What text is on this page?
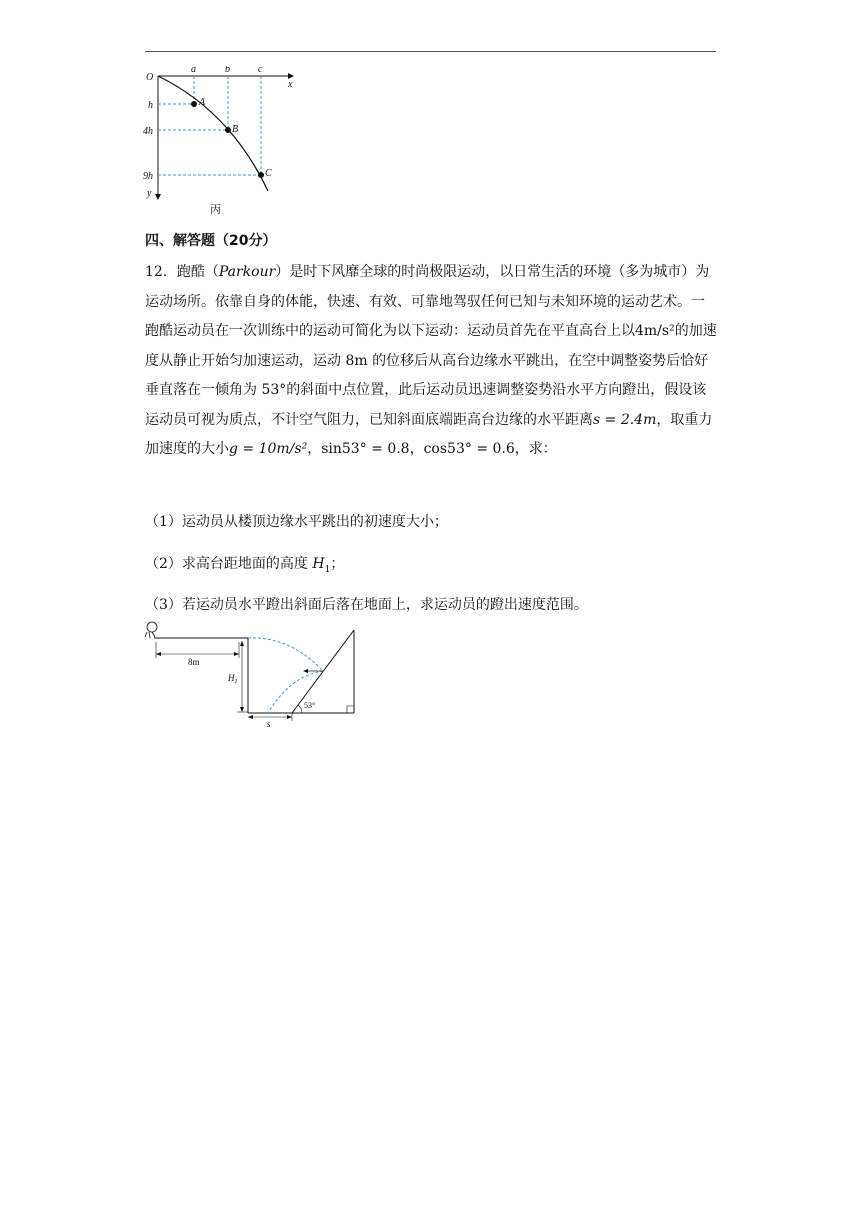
O
x
y
a	b	c
h
4h
9h
A
B
C
丙
四、解答题（20分）

12．跑酷（Parkour）是时下风靡全球的时尚极限运动，以日常生活的环境（多为城市）为运动场所。依靠自身的体能，快速、有效、可靠地驾驭任何已知与未知环境的运动艺术。一跑酷运动员在一次训练中的运动可简化为以下运动：运动员首先在平直高台上以4m/s²的加速度从静止开始匀加速运动，运动 8m 的位移后从高台边缘水平跳出，在空中调整姿势后恰好垂直落在一倾角为 53°的斜面中点位置，此后运动员迅速调整姿势沿水平方向蹬出，假设该运动员可视为质点，不计空气阻力，已知斜面底端距高台边缘的水平距离s = 2.4m，取重力加速度的大小g = 10m/s²，sin53° = 0.8，cos53° = 0.6，求：

（1）运动员从楼顶边缘水平跳出的初速度大小；

（2）求高台距地面的高度 $H_1$；

（3）若运动员水平蹬出斜面后落在地面上，求运动员的蹬出速度范围。

8m
$H_1$
53°
s
